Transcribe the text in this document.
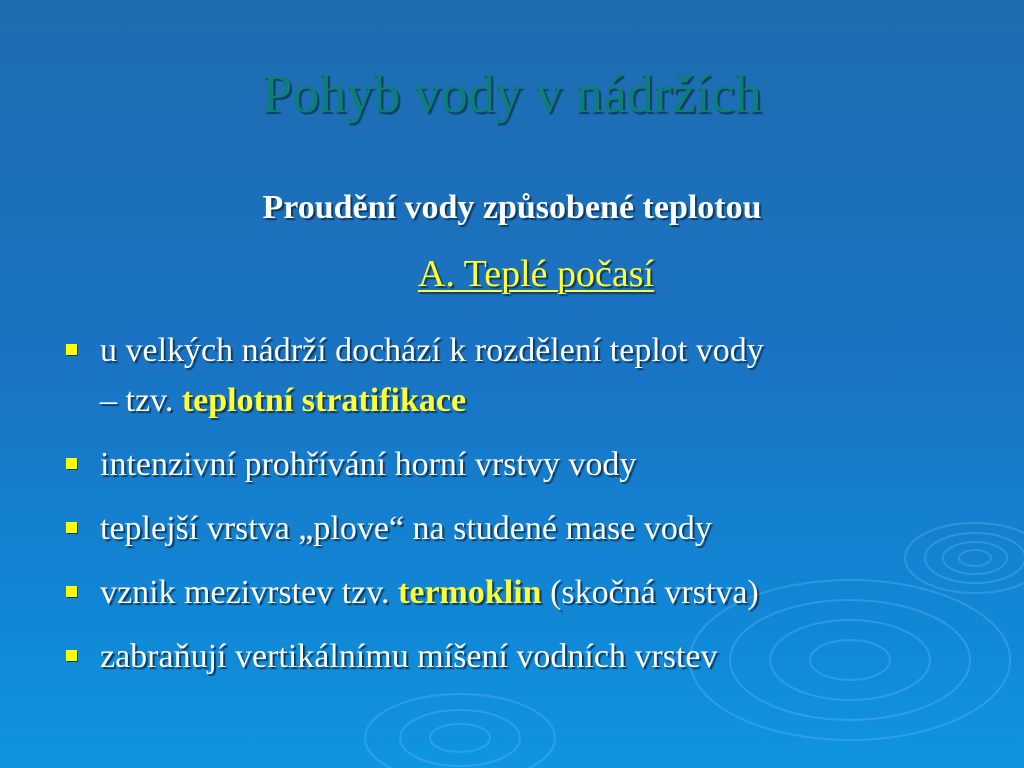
Pohyb vody v nádržích
Proudění vody způsobené teplotou
A. Teplé počasí
u velkých nádrží dochází k rozdělení teplot vody
– tzv. teplotní stratifikace
intenzivní prohřívání horní vrstvy vody
teplejší vrstva „plove“ na studené mase vody
vznik mezivrstev tzv. termoklin (skočná vrstva)
zabraňují vertikálnímu míšení vodních vrstev
